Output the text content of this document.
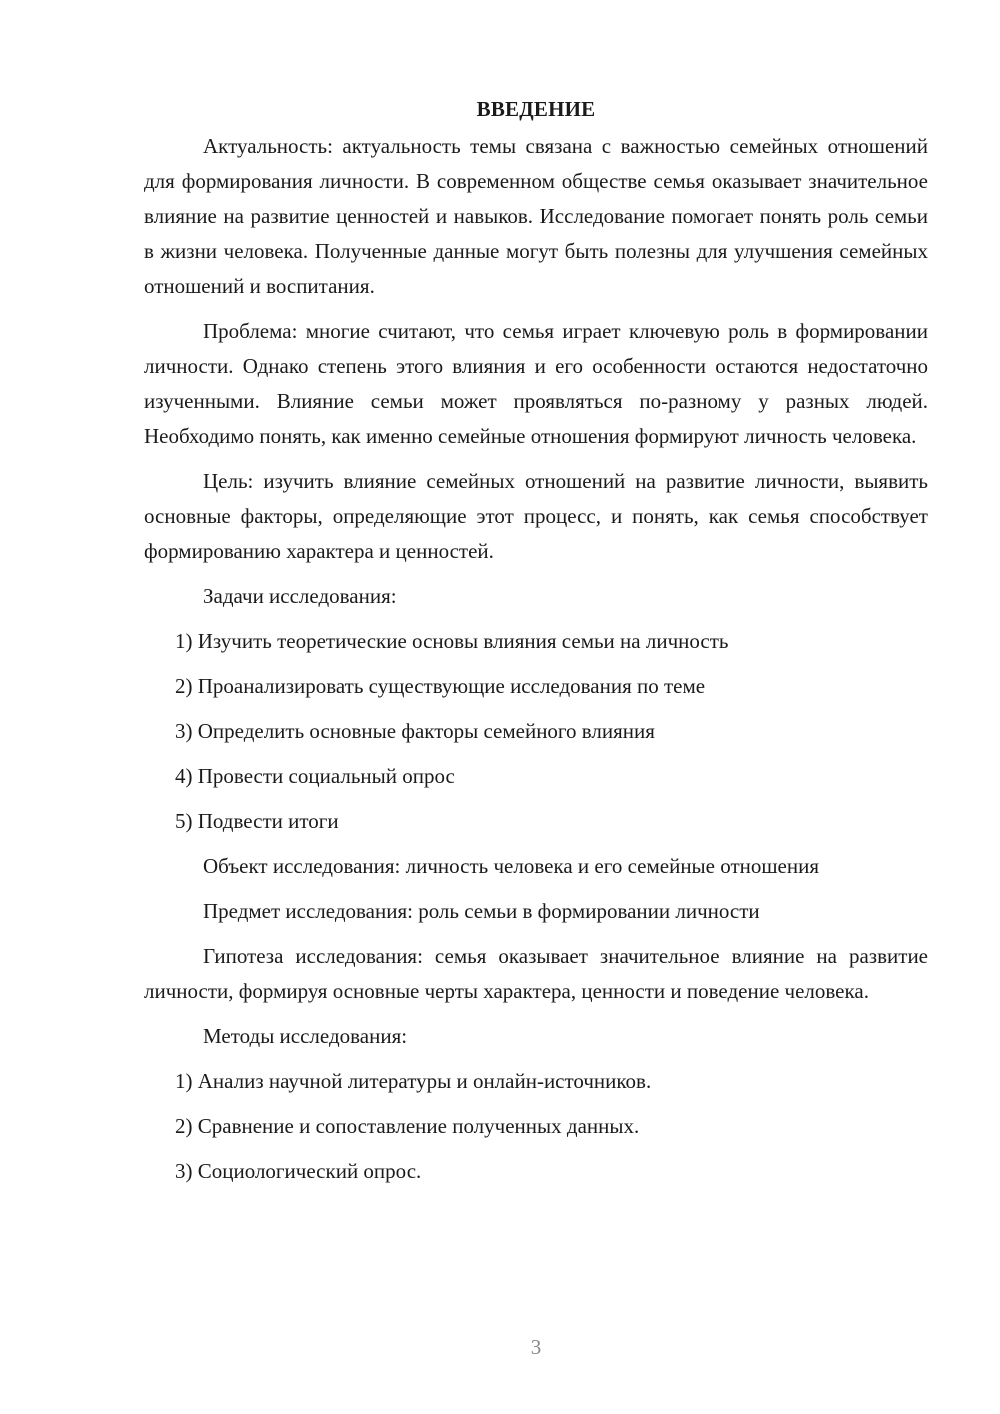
ВВЕДЕНИЕ

Актуальность: актуальность темы связана с важностью семейных отношений для формирования личности. В современном обществе семья оказывает значительное влияние на развитие ценностей и навыков. Исследование помогает понять роль семьи в жизни человека. Полученные данные могут быть полезны для улучшения семейных отношений и воспитания.

Проблема: многие считают, что семья играет ключевую роль в формировании личности. Однако степень этого влияния и его особенности остаются недостаточно изученными. Влияние семьи может проявляться по-разному у разных людей. Необходимо понять, как именно семейные отношения формируют личность человека.

Цель: изучить влияние семейных отношений на развитие личности, выявить основные факторы, определяющие этот процесс, и понять, как семья способствует формированию характера и ценностей.

Задачи исследования:
1) Изучить теоретические основы влияния семьи на личность
2) Проанализировать существующие исследования по теме
3) Определить основные факторы семейного влияния
4) Провести социальный опрос
5) Подвести итоги
Объект исследования: личность человека и его семейные отношения
Предмет исследования: роль семьи в формировании личности

Гипотеза исследования: семья оказывает значительное влияние на развитие личности, формируя основные черты характера, ценности и поведение человека.

Методы исследования:
1) Анализ научной литературы и онлайн-источников.
2) Сравнение и сопоставление полученных данных.
3) Социологический опрос.
3
